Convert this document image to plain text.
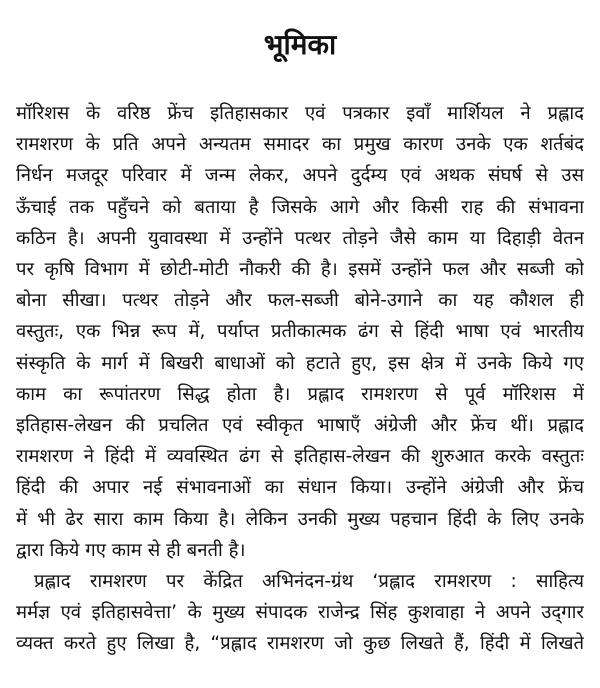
भूमिका

मॉरिशस के वरिष्ठ फ्रेंच इतिहासकार एवं पत्रकार इवाँ मार्शियल ने प्रह्लाद
रामशरण के प्रति अपने अन्यतम समादर का प्रमुख कारण उनके एक शर्तबंद
निर्धन मजदूर परिवार में जन्म लेकर, अपने दुर्दम्य एवं अथक संघर्ष से उस
ऊँचाई तक पहुँचने को बताया है जिसके आगे और किसी राह की संभावना
कठिन है। अपनी युवावस्था में उन्होंने पत्थर तोड़ने जैसे काम या दिहाड़ी वेतन
पर कृषि विभाग में छोटी-मोटी नौकरी की है। इसमें उन्होंने फल और सब्जी को
बोना सीखा। पत्थर तोड़ने और फल-सब्जी बोने-उगाने का यह कौशल ही
वस्तुतः, एक भिन्न रूप में, पर्याप्त प्रतीकात्मक ढंग से हिंदी भाषा एवं भारतीय
संस्कृति के मार्ग में बिखरी बाधाओं को हटाते हुए, इस क्षेत्र में उनके किये गए
काम का रूपांतरण सिद्ध होता है। प्रह्लाद रामशरण से पूर्व मॉरिशस में
इतिहास-लेखन की प्रचलित एवं स्वीकृत भाषाएँ अंग्रेजी और फ्रेंच थीं। प्रह्लाद
रामशरण ने हिंदी में व्यवस्थित ढंग से इतिहास-लेखन की शुरुआत करके वस्तुतः
हिंदी की अपार नई संभावनाओं का संधान किया। उन्होंने अंग्रेजी और फ्रेंच
में भी ढेर सारा काम किया है। लेकिन उनकी मुख्य पहचान हिंदी के लिए उनके
द्वारा किये गए काम से ही बनती है।

प्रह्लाद रामशरण पर केंद्रित अभिनंदन-ग्रंथ ‘प्रह्लाद रामशरण : साहित्य
मर्मज्ञ एवं इतिहासवेत्ता’ के मुख्य संपादक राजेन्द्र सिंह कुशवाहा ने अपने उद्‌गार
व्यक्त करते हुए लिखा है, “प्रह्लाद रामशरण जो कुछ लिखते हैं, हिंदी में लिखते
